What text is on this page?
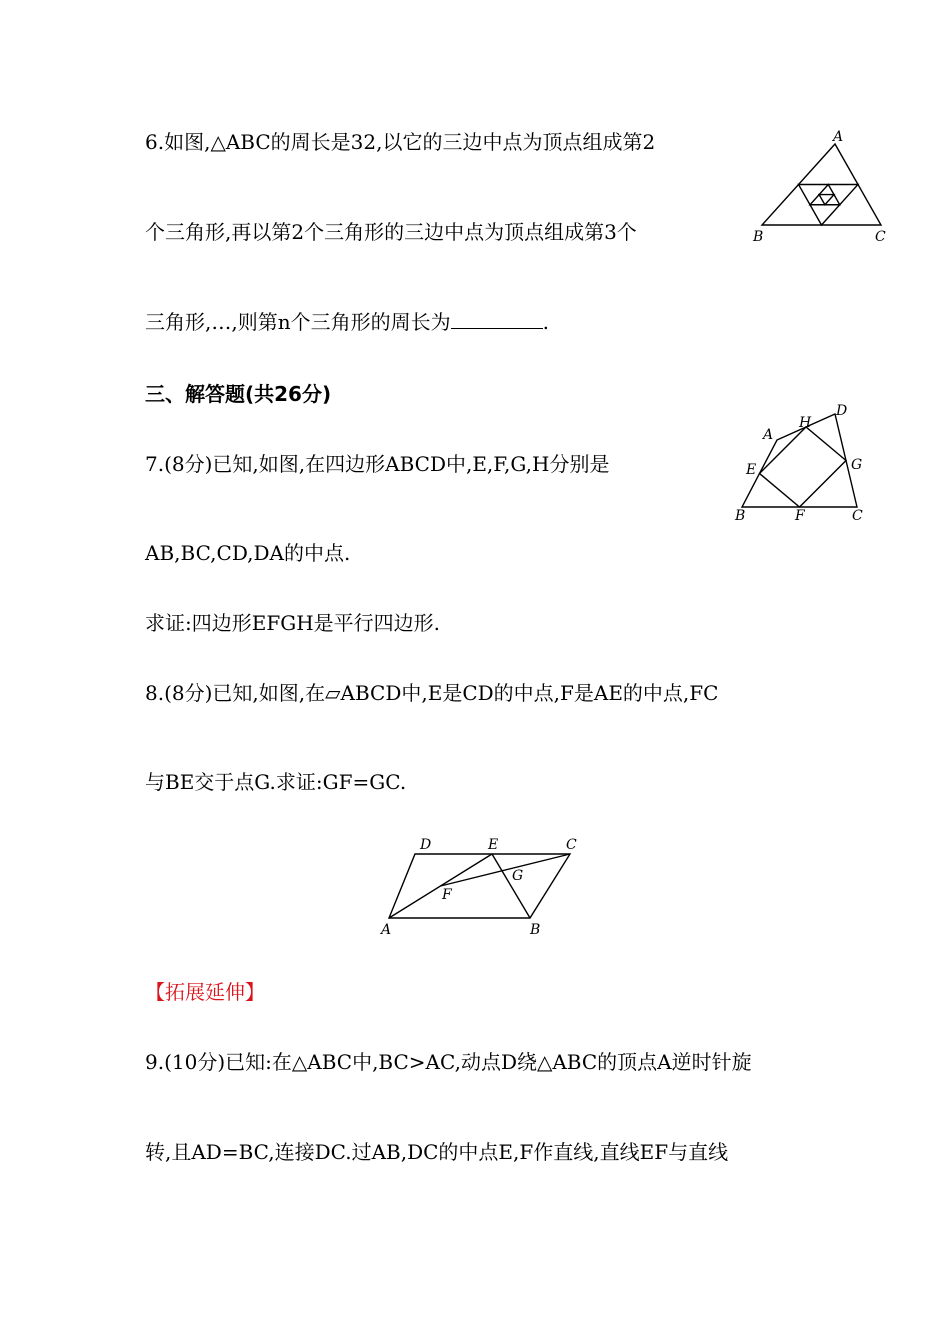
6.如图,△ABC的周长是32,以它的三边中点为顶点组成第2
个三角形,再以第2个三角形的三边中点为顶点组成第3个
三角形,…,则第n个三角形的周长为	.
A
B	C
三、解答题(共26分)
7.(8分)已知,如图,在四边形ABCD中,E,F,G,H分别是
AB,BC,CD,DA的中点.
求证:四边形EFGH是平行四边形.
A
B	C
D
E
F
G
H
8.(8分)已知,如图,在▱ABCD中,E是CD的中点,F是AE的中点,FC
与BE交于点G.求证:GF=GC.
D	E	C
F
G
A	B
【拓展延伸】
9.(10分)已知:在△ABC中,BC>AC,动点D绕△ABC的顶点A逆时针旋
转,且AD=BC,连接DC.过AB,DC的中点E,F作直线,直线EF与直线
